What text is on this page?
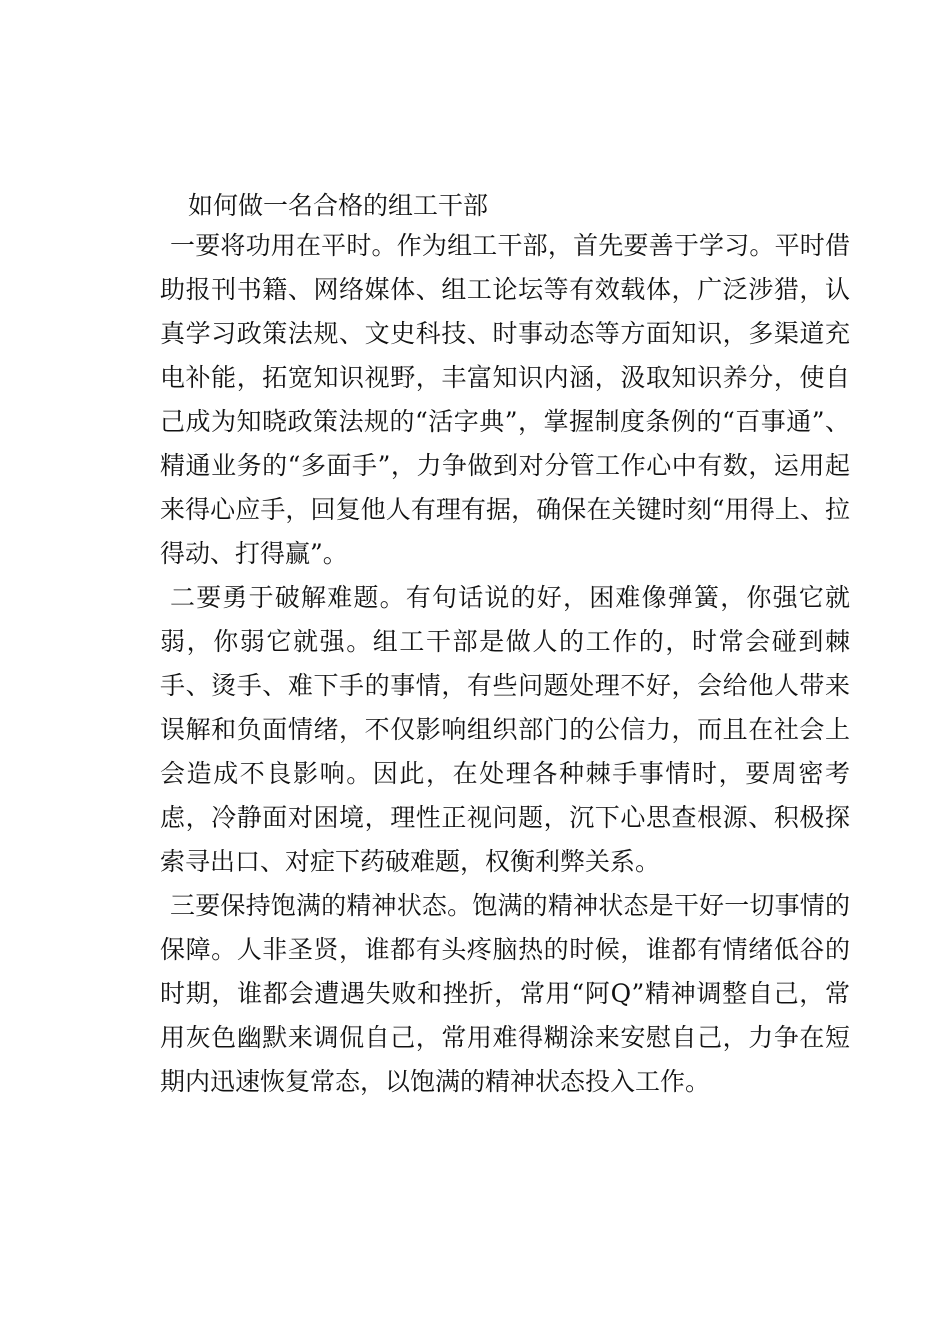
如何做一名合格的组工干部

一要将功用在平时。作为组工干部，首先要善于学习。平时借助报刊书籍、网络媒体、组工论坛等有效载体，广泛涉猎，认真学习政策法规、文史科技、时事动态等方面知识，多渠道充电补能，拓宽知识视野，丰富知识内涵，汲取知识养分，使自己成为知晓政策法规的“活字典”，掌握制度条例的“百事通”、精通业务的“多面手”，力争做到对分管工作心中有数，运用起来得心应手，回复他人有理有据，确保在关键时刻“用得上、拉得动、打得赢”。

二要勇于破解难题。有句话说的好，困难像弹簧，你强它就弱，你弱它就强。组工干部是做人的工作的，时常会碰到棘手、烫手、难下手的事情，有些问题处理不好，会给他人带来误解和负面情绪，不仅影响组织部门的公信力，而且在社会上会造成不良影响。因此，在处理各种棘手事情时，要周密考虑，冷静面对困境，理性正视问题，沉下心思查根源、积极探索寻出口、对症下药破难题，权衡利弊关系。

三要保持饱满的精神状态。饱满的精神状态是干好一切事情的保障。人非圣贤，谁都有头疼脑热的时候，谁都有情绪低谷的时期，谁都会遭遇失败和挫折，常用“阿Q”精神调整自己，常用灰色幽默来调侃自己，常用难得糊涂来安慰自己，力争在短期内迅速恢复常态，以饱满的精神状态投入工作。
